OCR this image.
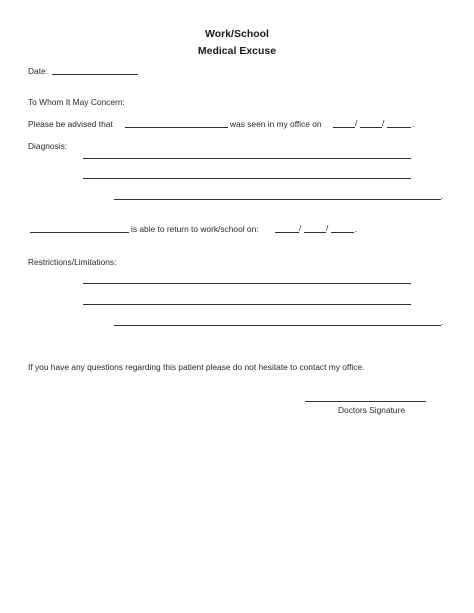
Work/School
Medical Excuse
Date:
To Whom It May Concern:
Please be advised that	was seen in my office on	/	/	.
Diagnosis:
.
is able to return to work/school on:	/	/	.
Restrictions/Limitations:
.
If you have any questions regarding this patient please do not hesitate to contact my office.
Doctors Signature
